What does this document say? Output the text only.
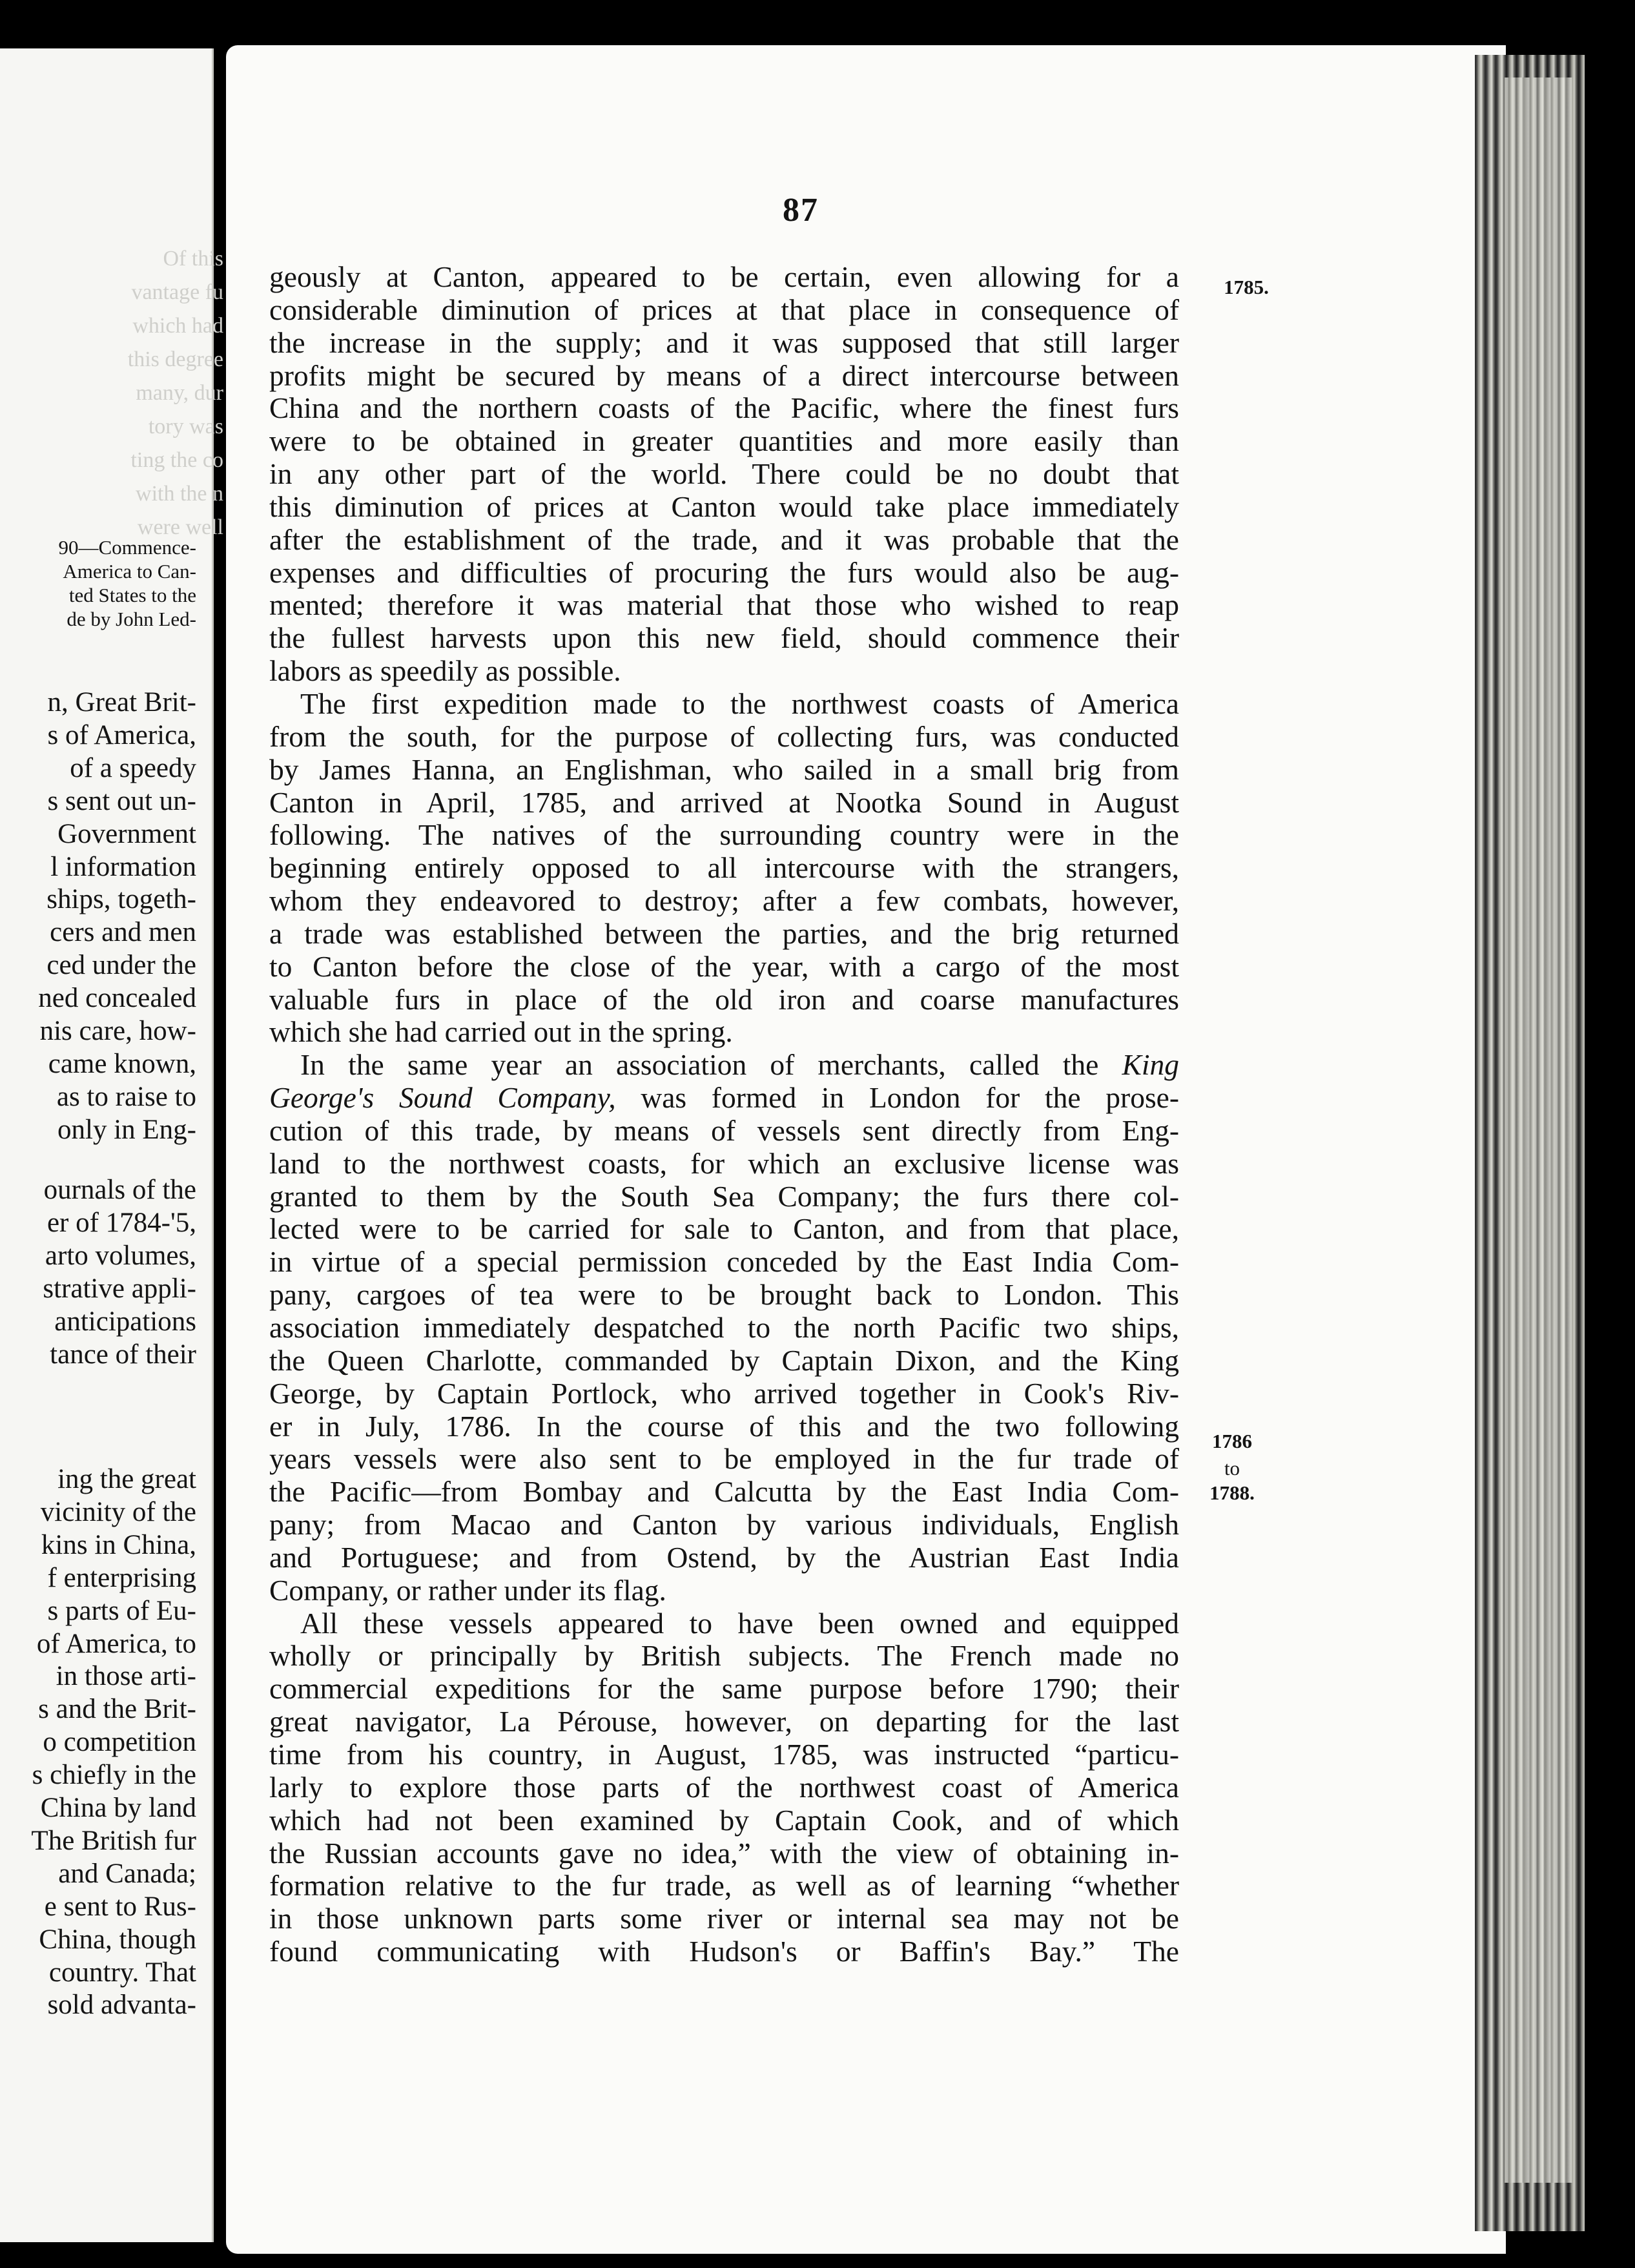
Of this
vantage fu
which had
this degree
many, dur
tory was
ting the co
with the n
were well
90—Commence-
America to Can-
ted States to the
de by John Led-
n, Great Brit-
s of America,
of a speedy
s sent out un-
Government
l information
ships, togeth-
cers and men
ced under the
ned concealed
nis care, how-
came known,
as to raise to
only in Eng-
ournals of the
er of 1784-'5,
arto volumes,
strative appli-
anticipations
tance of their
ing the great
vicinity of the
kins in China,
f enterprising
s parts of Eu-
of America, to
in those arti-
s and the Brit-
o competition
s chiefly in the
China by land
The British fur
and Canada;
e sent to Rus-
China, though
country. That
sold advanta-
87
1785.
1786
to
1788.
geously at Canton, appeared to be certain, even allowing for a
considerable diminution of prices at that place in consequence of
the increase in the supply; and it was supposed that still larger
profits might be secured by means of a direct intercourse between
China and the northern coasts of the Pacific, where the finest furs
were to be obtained in greater quantities and more easily than
in any other part of the world. There could be no doubt that
this diminution of prices at Canton would take place immediately
after the establishment of the trade, and it was probable that the
expenses and difficulties of procuring the furs would also be aug-
mented; therefore it was material that those who wished to reap
the fullest harvests upon this new field, should commence their
labors as speedily as possible.
The first expedition made to the northwest coasts of America
from the south, for the purpose of collecting furs, was conducted
by James Hanna, an Englishman, who sailed in a small brig from
Canton in April, 1785, and arrived at Nootka Sound in August
following. The natives of the surrounding country were in the
beginning entirely opposed to all intercourse with the strangers,
whom they endeavored to destroy; after a few combats, however,
a trade was established between the parties, and the brig returned
to Canton before the close of the year, with a cargo of the most
valuable furs in place of the old iron and coarse manufactures
which she had carried out in the spring.
In the same year an association of merchants, called the King
George's Sound Company, was formed in London for the prose-
cution of this trade, by means of vessels sent directly from Eng-
land to the northwest coasts, for which an exclusive license was
granted to them by the South Sea Company; the furs there col-
lected were to be carried for sale to Canton, and from that place,
in virtue of a special permission conceded by the East India Com-
pany, cargoes of tea were to be brought back to London. This
association immediately despatched to the north Pacific two ships,
the Queen Charlotte, commanded by Captain Dixon, and the King
George, by Captain Portlock, who arrived together in Cook's Riv-
er in July, 1786. In the course of this and the two following
years vessels were also sent to be employed in the fur trade of
the Pacific—from Bombay and Calcutta by the East India Com-
pany; from Macao and Canton by various individuals, English
and Portuguese; and from Ostend, by the Austrian East India
Company, or rather under its flag.
All these vessels appeared to have been owned and equipped
wholly or principally by British subjects. The French made no
commercial expeditions for the same purpose before 1790; their
great navigator, La Pérouse, however, on departing for the last
time from his country, in August, 1785, was instructed “particu-
larly to explore those parts of the northwest coast of America
which had not been examined by Captain Cook, and of which
the Russian accounts gave no idea,” with the view of obtaining in-
formation relative to the fur trade, as well as of learning “whether
in those unknown parts some river or internal sea may not be
found communicating with Hudson's or Baffin's Bay.” The
